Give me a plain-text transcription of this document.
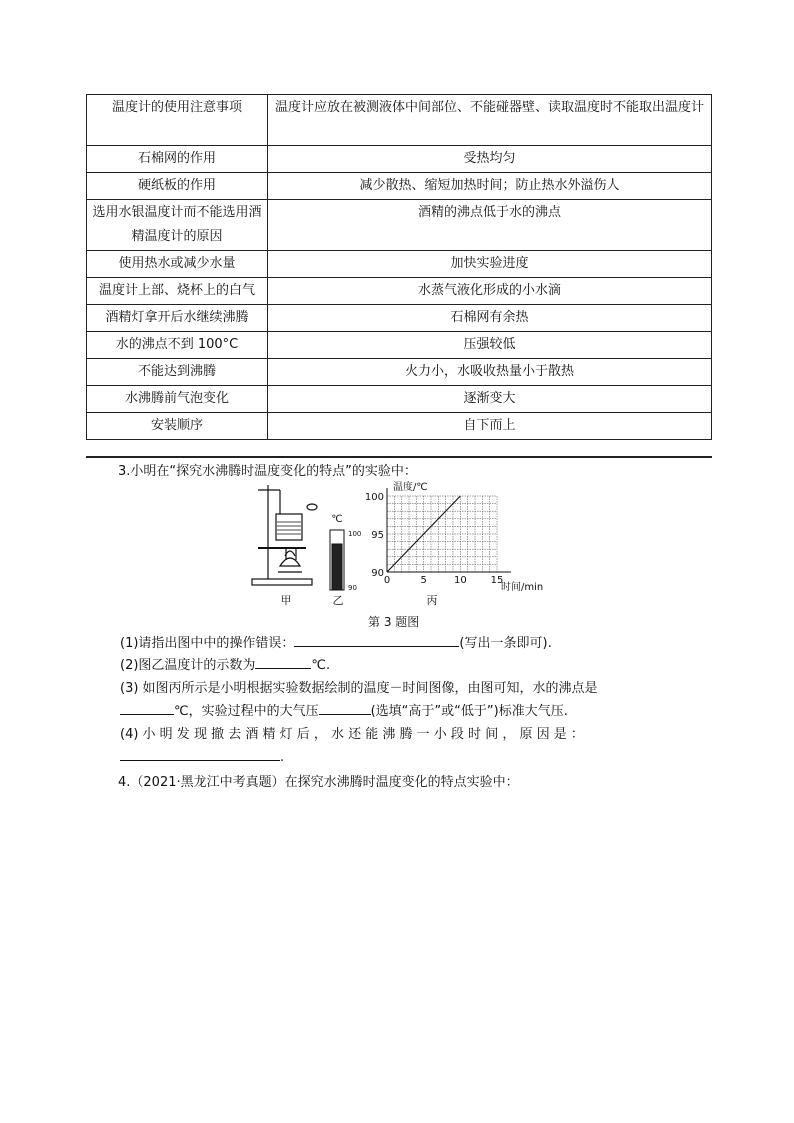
温度计的使用注意事项	温度计应放在被测液体中间部位、不能碰器壁、读取温度时不能取出温度计
石棉网的作用	受热均匀
硬纸板的作用	减少散热、缩短加热时间；防止热水外溢伤人
选用水银温度计而不能选用酒精温度计的原因	酒精的沸点低于水的沸点
使用热水或减少水量	加快实验进度
温度计上部、烧杯上的白气	水蒸气液化形成的小水滴
酒精灯拿开后水继续沸腾	石棉网有余热
水的沸点不到 100°C	压强较低
不能达到沸腾	火力小，水吸收热量小于散热
水沸腾前气泡变化	逐渐变大
安装顺序	自下而上
3.小明在“探究水沸腾时温度变化的特点”的实验中：
甲
℃
100
90
乙
0	5	10 15
90
95
100
温度/℃
时间/min
丙
第 3 题图
(1)请指出图中中的操作错误：	(写出一条即可).
(2)图乙温度计的示数为	℃.
(3) 如图丙所示是小明根据实验数据绘制的温度－时间图像，由图可知，水的沸点是
℃，实验过程中的大气压	(选填“高于”或“低于”)标准大气压.
(4) 小 明 发 现 撤 去 酒 精 灯 后 ， 水 还 能 沸 腾 一 小 段 时 间 ， 原 因 是 ：
.
4.（2021·黑龙江中考真题）在探究水沸腾时温度变化的特点实验中：
